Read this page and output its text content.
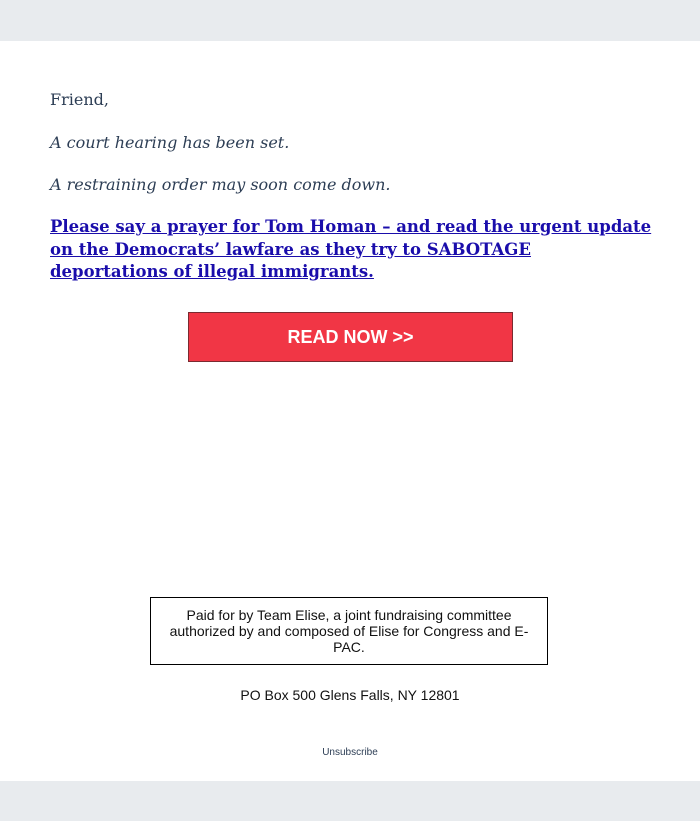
Friend,

A court hearing has been set.

A restraining order may soon come down.

Please say a prayer for Tom Homan – and read the urgent update on the Democrats’ lawfare as they try to SABOTAGE deportations of illegal immigrants.
READ NOW >>
Paid for by Team Elise, a joint fundraising committee authorized by and composed of Elise for Congress and E-PAC.

PO Box 500 Glens Falls, NY 12801

Unsubscribe
